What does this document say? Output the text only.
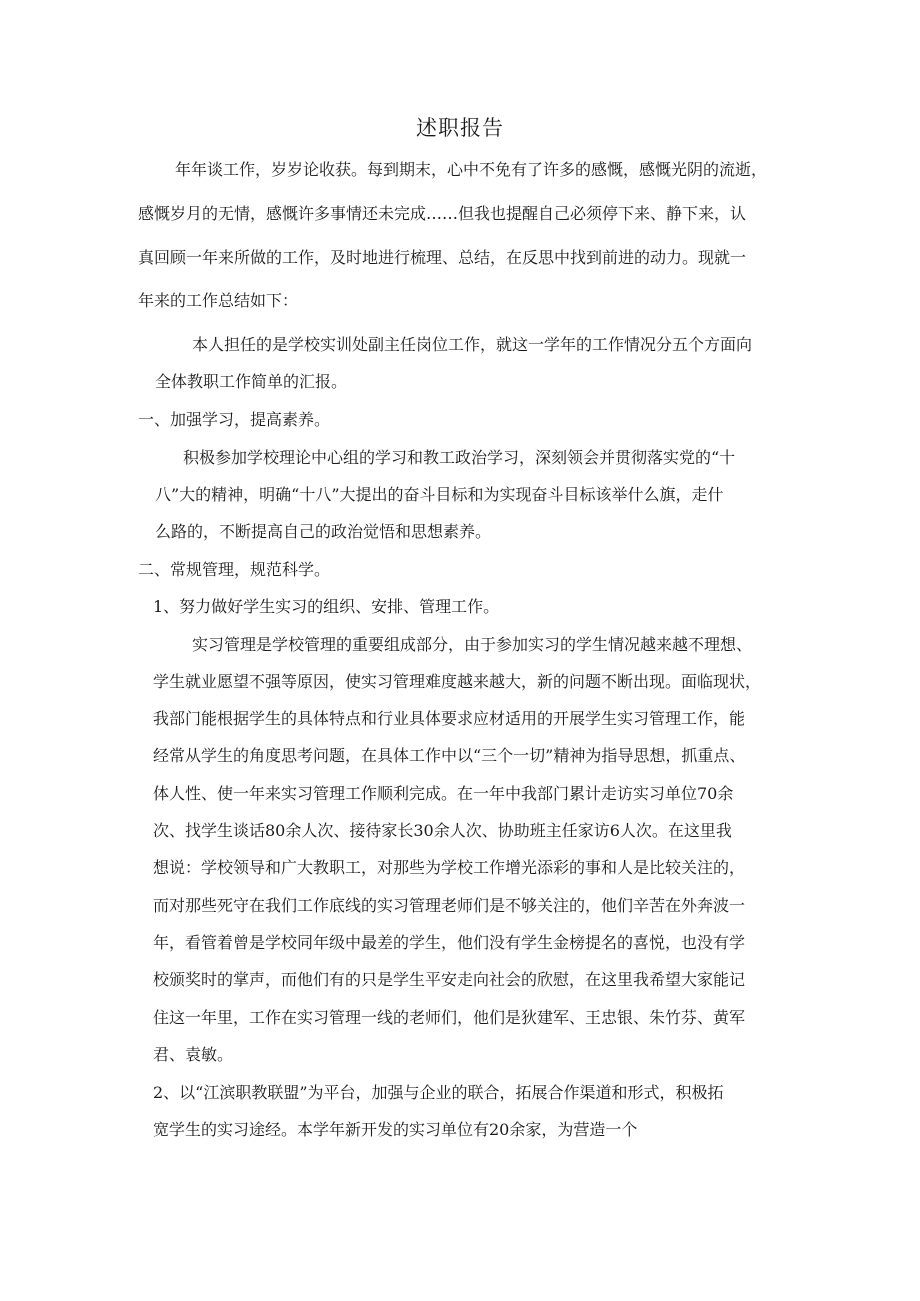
述职报告
年年谈工作，岁岁论收获。每到期末，心中不免有了许多的感慨，感慨光阴的流逝，
感慨岁月的无情，感慨许多事情还未完成……但我也提醒自己必须停下来、静下来，认
真回顾一年来所做的工作，及时地进行梳理、总结，在反思中找到前进的动力。现就一
年来的工作总结如下：
本人担任的是学校实训处副主任岗位工作，就这一学年的工作情况分五个方面向
全体教职工作简单的汇报。
一、加强学习，提高素养。
积极参加学校理论中心组的学习和教工政治学习，深刻领会并贯彻落实党的“十
八”大的精神，明确“十八”大提出的奋斗目标和为实现奋斗目标该举什么旗，走什
么路的，不断提高自己的政治觉悟和思想素养。
二、常规管理，规范科学。
1、努力做好学生实习的组织、安排、管理工作。
实习管理是学校管理的重要组成部分，由于参加实习的学生情况越来越不理想、
学生就业愿望不强等原因，使实习管理难度越来越大，新的问题不断出现。面临现状，
我部门能根据学生的具体特点和行业具体要求应材适用的开展学生实习管理工作，能
经常从学生的角度思考问题，在具体工作中以“三个一切”精神为指导思想，抓重点、
体人性、使一年来实习管理工作顺利完成。在一年中我部门累计走访实习单位70余
次、找学生谈话80余人次、接待家长30余人次、协助班主任家访6人次。在这里我
想说：学校领导和广大教职工，对那些为学校工作增光添彩的事和人是比较关注的，
而对那些死守在我们工作底线的实习管理老师们是不够关注的，他们辛苦在外奔波一
年，看管着曾是学校同年级中最差的学生，他们没有学生金榜提名的喜悦，也没有学
校颁奖时的掌声，而他们有的只是学生平安走向社会的欣慰，在这里我希望大家能记
住这一年里，工作在实习管理一线的老师们，他们是狄建军、王忠银、朱竹芬、黄军
君、袁敏。
2、以“江滨职教联盟”为平台，加强与企业的联合，拓展合作渠道和形式，积极拓
宽学生的实习途经。本学年新开发的实习单位有20余家，为营造一个
